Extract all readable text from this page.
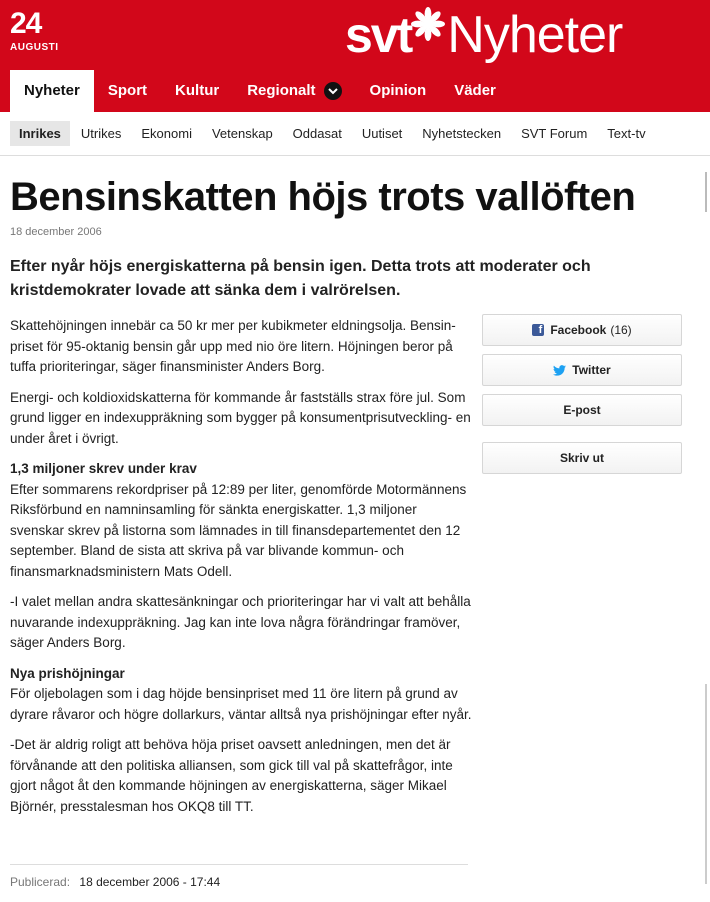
24
AUGUSTI	svt Nyheter
Nyheter	Sport	Kultur	Regionalt	Opinion	Väder
Inrikes	Utrikes	Ekonomi	Vetenskap	Oddasat	Uutiset	Nyhetstecken	SVT Forum	Text-tv
Bensinskatten höjs trots vallöften
18 december 2006
Efter nyår höjs energiskatterna på bensin igen. Detta trots att moderater och kristdemokrater lovade att sänka dem i valrörelsen.

Skattehöjningen innebär ca 50 kr mer per kubikmeter eldningsolja. Bensin- priset för 95-oktanig bensin går upp med nio öre litern. Höjningen beror på tuffa prioriteringar, säger finansminister Anders Borg.

Energi- och koldioxidskatterna för kommande år fastställs strax före jul. Som grund ligger en indexuppräkning som bygger på konsumentprisutveckling- en under året i övrigt.

1,3 miljoner skrev under krav
Efter sommarens rekordpriser på 12:89 per liter, genomförde Motormännens Riksförbund en namninsamling för sänkta energiskatter. 1,3 miljoner svenskar skrev på listorna som lämnades in till finansdepartementet den 12 september. Bland de sista att skriva på var blivande kommun- och finansmarknadsministern Mats Odell.

-I valet mellan andra skattesänkningar och prioriteringar har vi valt att behålla nuvarande indexuppräkning. Jag kan inte lova några förändringar framöver, säger Anders Borg.

Nya prishöjningar
För oljebolagen som i dag höjde bensinpriset med 11 öre litern på grund av dyrare råvaror och högre dollarkurs, väntar alltså nya prishöjningar efter nyår.

-Det är aldrig roligt att behöva höja priset oavsett anledningen, men det är förvånande att den politiska alliansen, som gick till val på skattefrågor, inte gjort något åt den kommande höjningen av energiskatterna, säger Mikael Björnér, presstalesman hos OKQ8 till TT.

Publicerad: 18 december 2006 - 17:44
f Facebook (16)
Twitter
E-post
Skriv ut
